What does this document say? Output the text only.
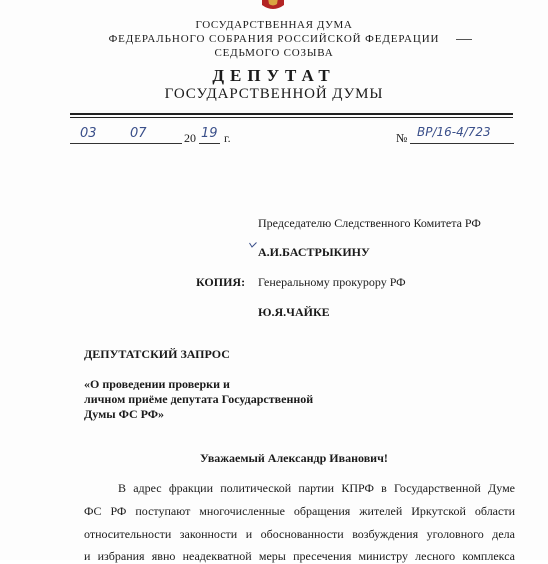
ГОСУДАРСТВЕННАЯ ДУМА
ФЕДЕРАЛЬНОГО СОБРАНИЯ РОССИЙСКОЙ ФЕДЕРАЦИИ
СЕДЬМОГО СОЗЫВА
ДЕПУТАТ
ГОСУДАРСТВЕННОЙ ДУМЫ
03	07	20 19 г.	№ ВР/16-4/723
Председателю Следственного Комитета РФ
А.И.БАСТРЫКИНУ
КОПИЯ: Генеральному прокурору РФ
Ю.Я.ЧАЙКЕ
ДЕПУТАТСКИЙ ЗАПРОС
«О проведении проверки и
личном приёме депутата Государственной
Думы ФС РФ»
Уважаемый Александр Иванович!
В адрес фракции политической партии КПРФ в Государственной Думе
ФС РФ поступают многочисленные обращения жителей Иркутской области
относительности законности и обоснованности возбуждения уголовного дела
и избрания явно неадекватной меры пресечения министру лесного комплекса
